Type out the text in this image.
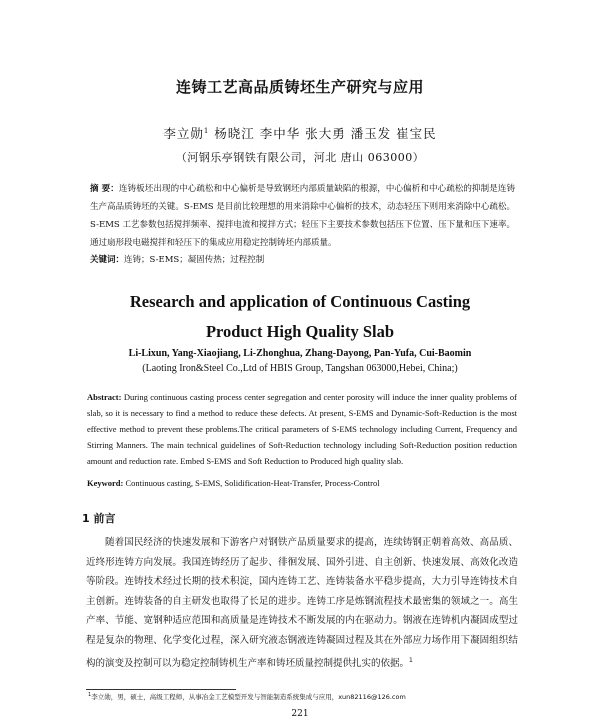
连铸工艺高品质铸坯生产研究与应用
李立勋$^1$ 杨晓江 李中华 张大勇 潘玉发 崔宝民
（河钢乐亭钢铁有限公司，河北 唐山 063000）
摘 要：连铸板坯出现的中心疏松和中心偏析是导致钢坯内部质量缺陷的根源，中心偏析和中心疏松的抑制是连铸生产高品质铸坯的关键。S-EMS 是目前比较理想的用来消除中心偏析的技术，动态轻压下则用来消除中心疏松。S-EMS 工艺参数包括搅拌频率、搅拌电流和搅拌方式；轻压下主要技术参数包括压下位置、压下量和压下速率。通过扇形段电磁搅拌和轻压下的集成应用稳定控制铸坯内部质量。
关键词：连铸；S-EMS；凝固传热；过程控制
Research and application of Continuous Casting
Product High Quality Slab
Li-Lixun, Yang-Xiaojiang, Li-Zhonghua, Zhang-Dayong, Pan-Yufa, Cui-Baomin
(Laoting Iron&Steel Co.,Ltd of HBIS Group, Tangshan 063000,Hebei, China;)
Abstract: During continuous casting process center segregation and center porosity will induce the inner quality problems of slab, so it is necessary to find a method to reduce these defects. At present, S-EMS and Dynamic-Soft-Reduction is the most effective method to prevent these problems.The critical parameters of S-EMS technology including Current, Frequency and Stirring Manners. The main technical guidelines of Soft-Reduction technology including Soft-Reduction position reduction amount and reduction rate. Embed S-EMS and Soft Reduction to Produced high quality slab.
Keyword: Continuous casting, S-EMS, Solidification-Heat-Transfer, Process-Control
1 前言
随着国民经济的快速发展和下游客户对钢铁产品质量要求的提高，连续铸钢正朝着高效、高品质、近终形连铸方向发展。我国连铸经历了起步、徘徊发展、国外引进、自主创新、快速发展、高效化改造等阶段。连铸技术经过长期的技术积淀，国内连铸工艺、连铸装备水平稳步提高，大力引导连铸技术自主创新。连铸装备的自主研发也取得了长足的进步。连铸工序是炼钢流程技术最密集的领域之一。高生产率、节能、宽钢种适应范围和高质量是连铸技术不断发展的内在驱动力。钢液在连铸机内凝固成型过程是复杂的物理、化学变化过程，深入研究液态钢液连铸凝固过程及其在外部应力场作用下凝固组织结构的演变及控制可以为稳定控制铸机生产率和铸坯质量控制提供扎实的依据。$^1$
$^1$李立勋，男，硕士，高级工程师，从事冶金工艺模型开发与智能制造系统集成与应用，xun82116@126.com
221
